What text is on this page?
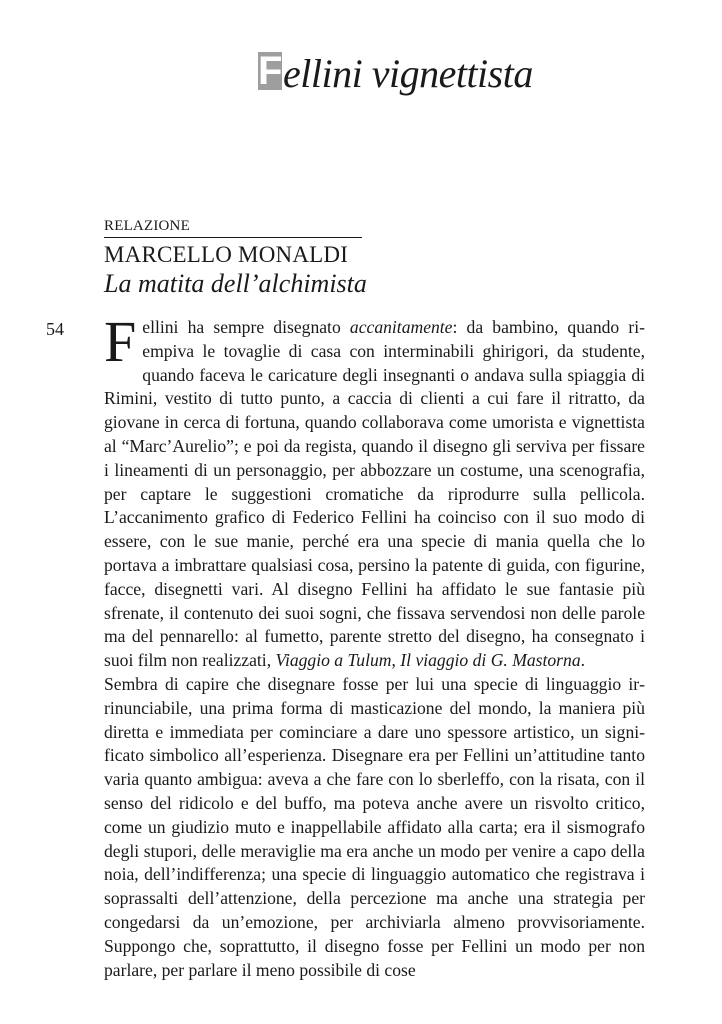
F ellini vignettista
RELAZIONE
MARCELLO MONALDI
La matita dell’alchimista
54 Fellini ha sempre disegnato accanitamente: da bambino, quando riempiva le tovaglie di casa con interminabili ghirigori, da studente, quando faceva le caricature degli insegnanti o andava sulla spiaggia di Rimini, vestito di tutto punto, a caccia di clienti a cui fare il ritratto, da giovane in cerca di fortuna, quando collaborava come umorista e vignettista al “Marc’Aurelio”; e poi da regista, quando il disegno gli serviva per fissare i lineamenti di un personaggio, per abbozzare un costume, una scenografia, per captare le suggestioni cromatiche da riprodurre sulla pellicola. L’accanimento grafico di Federico Fellini ha coinciso con il suo modo di essere, con le sue manie, perché era una specie di mania quella che lo portava a imbrattare qualsiasi cosa, persino la patente di guida, con figurine, facce, disegnetti vari. Al disegno Fellini ha affidato le sue fantasie più sfrenate, il contenuto dei suoi sogni, che fissava servendosi non delle parole ma del pennarello: al fumetto, parente stretto del disegno, ha consegnato i suoi film non realizzati, Viaggio a Tulum, Il viaggio di G. Mastorna.

Sembra di capire che disegnare fosse per lui una specie di linguaggio irrinunciabile, una prima forma di masticazione del mondo, la maniera più diretta e immediata per cominciare a dare uno spessore artistico, un significato simbolico all’esperienza. Disegnare era per Fellini un’attitudine tanto varia quanto ambigua: aveva a che fare con lo sberleffo, con la risata, con il senso del ridicolo e del buffo, ma poteva anche avere un risvolto critico, come un giudizio muto e inappellabile affidato alla carta; era il sismografo degli stupori, delle meraviglie ma era anche un modo per venire a capo della noia, dell’indifferenza; una specie di linguaggio automatico che registrava i soprassalti dell’attenzione, della percezione ma anche una strategia per congedarsi da un’emozione, per archiviarla almeno provvisoriamente. Suppongo che, soprattutto, il disegno fosse per Fellini un modo per non parlare, per parlare il meno possibile di cose
